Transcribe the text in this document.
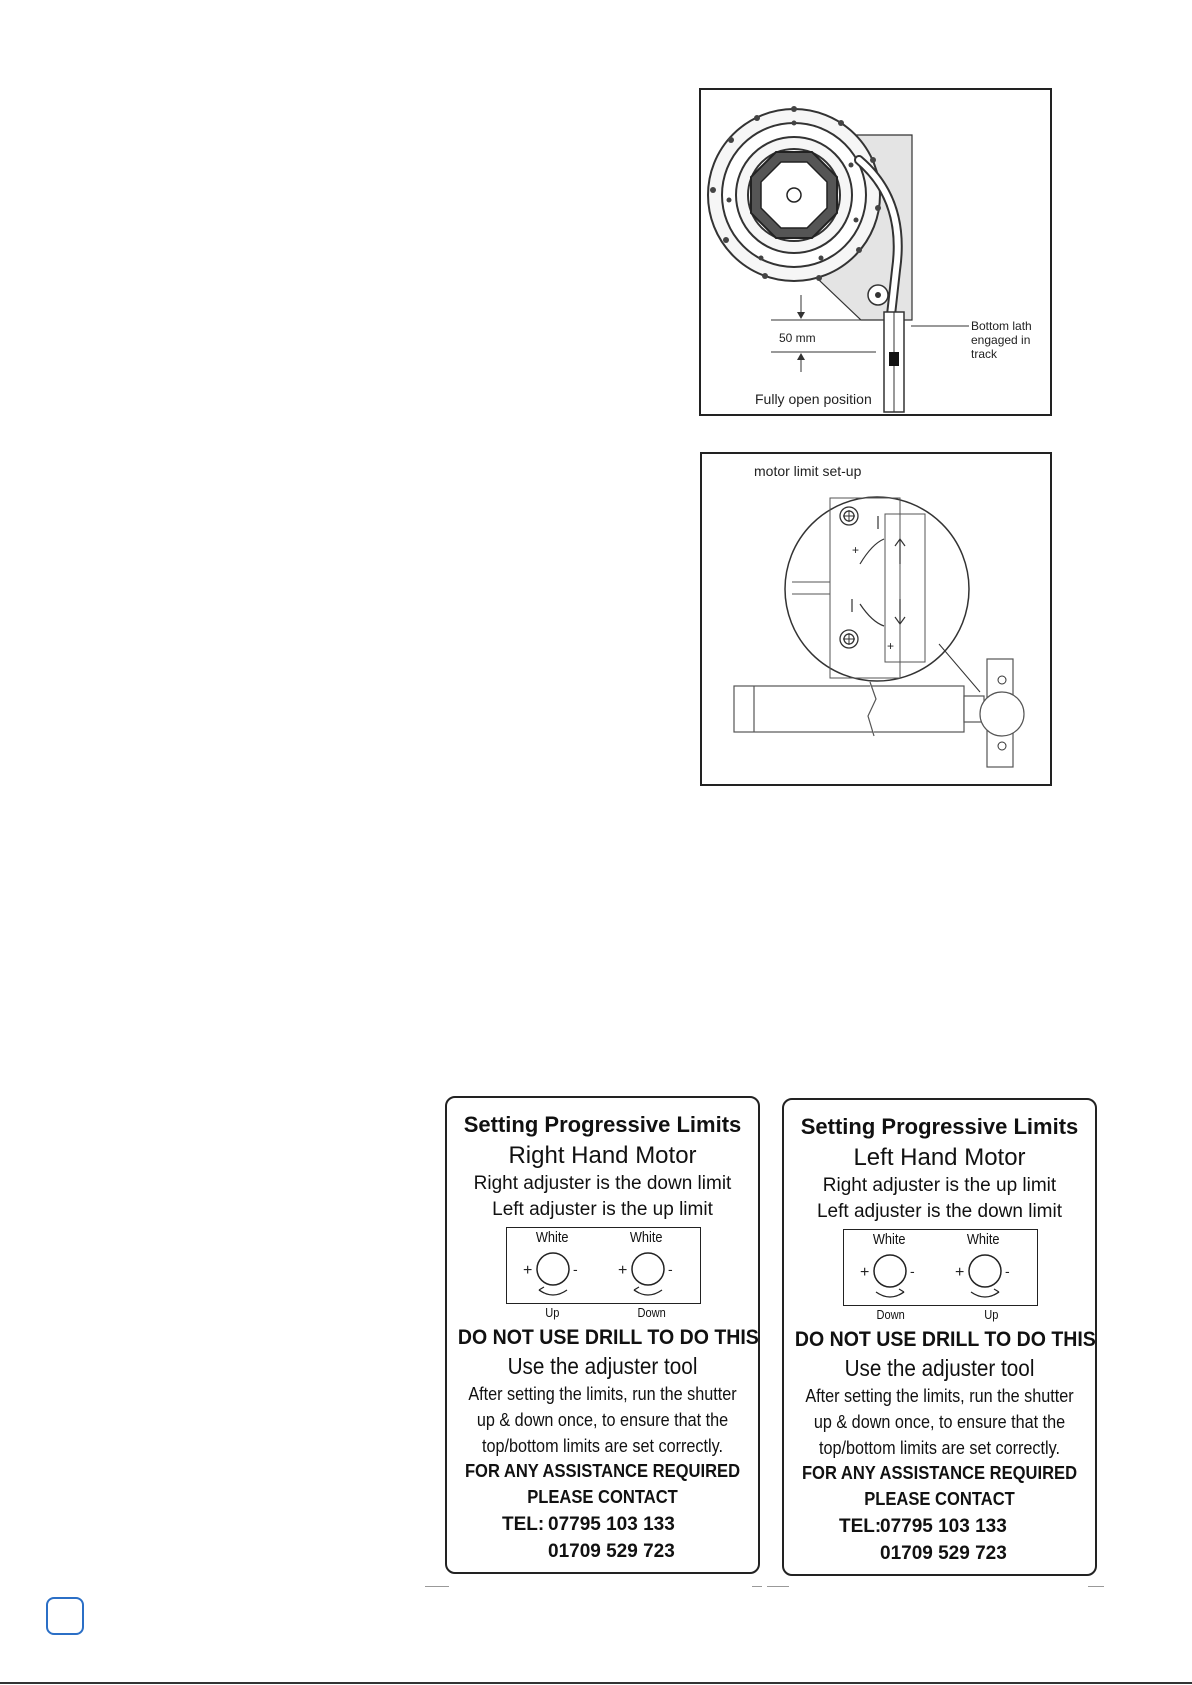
50 mm
Bottom lath
engaged in
track
Fully open position
motor limit set-up
+
+
Setting Progressive Limits
Right Hand Motor
Right adjuster is the down limit
Left adjuster is the up limit
White	White
+	-	+	-
Up	Down
DO NOT USE DRILL TO DO THIS
Use the adjuster tool
After setting the limits, run the shutter
up & down once, to ensure that the
top/bottom limits are set correctly.
FOR ANY ASSISTANCE REQUIRED
PLEASE CONTACT
TEL: 07795 103 133
01709 529 723
Setting Progressive Limits
Left Hand Motor
Right adjuster is the up limit
Left adjuster is the down limit
White	White
+	-	+	-
Down	Up
DO NOT USE DRILL TO DO THIS
Use the adjuster tool
After setting the limits, run the shutter
up & down once, to ensure that the
top/bottom limits are set correctly.
FOR ANY ASSISTANCE REQUIRED
PLEASE CONTACT
TEL:
07795 103 133
01709 529 723
